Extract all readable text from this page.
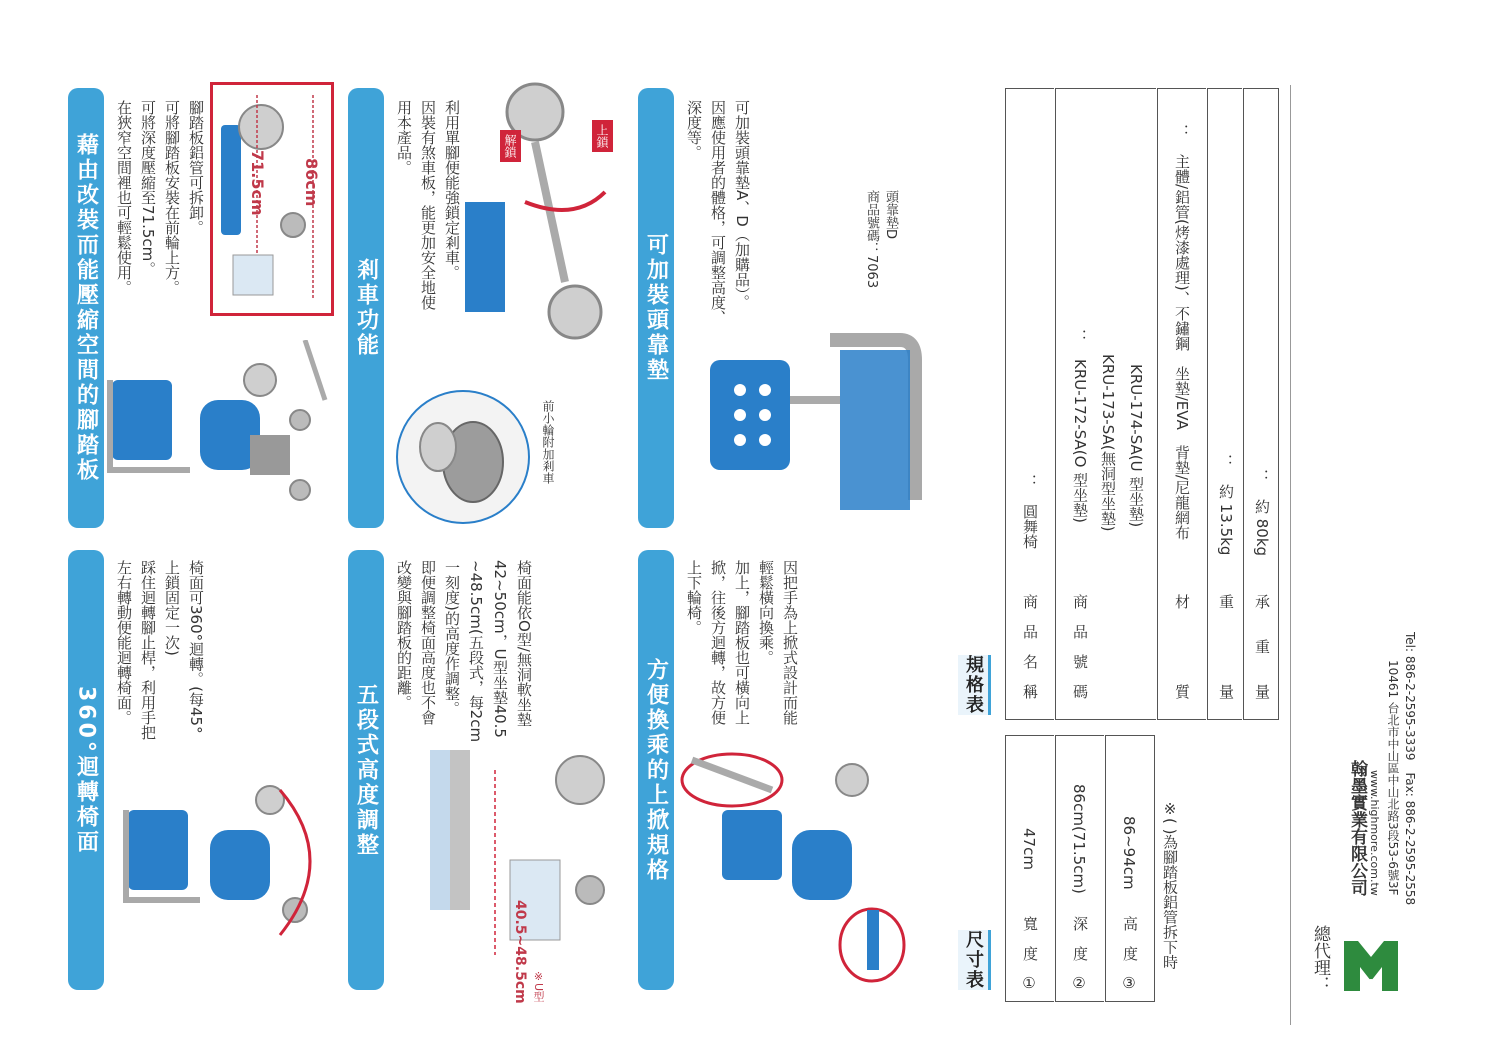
藉由改裝而能壓縮空間的腳踏板	剎車功能	可加裝頭靠墊
360°迴轉椅面	五段式高度調整	方便換乘的上掀規格
腳踏板鋁管可拆卸。
可將腳踏板安裝在前輪上方。
可將深度壓縮至71.5cm。
在狹窄空間裡也可輕鬆使用。	71.5cm 86cm	利用單腳便能強鎖定剎車。
因裝有煞車板，能更加安全地使
用本產品。	解鎖	上鎖
前小輪附加剎車
可加裝頭靠墊A、D（加購品）。
因應使用者的體格，可調整高度、
深度等。
頭靠墊D
商品號碼：7063
椅面可360°迴轉。(每45°
上鎖固定一次)
踩住迴轉腳止桿，利用手把
左右轉動便能迴轉椅面。	椅面能依O型/無洞軟坐墊
42~50cm，U型坐墊40.5
~48.5cm(五段式，每2cm
一刻度)的高度作調整。
即便調整椅面高度也不會
改變與腳踏板的距離。
40.5~48.5cm ※U型
因把手為上掀式設計而能
輕鬆橫向換乘。
加上，腳踏板也可橫向上
掀，往後方迴轉，故方便
上下輪椅。
尺寸表 ①
寬　度
47cm
②
深　度
86cm(71.5cm)
③
高　度
86~94cm ※( )為腳踏板鋁管拆下時
規格表 商　品　名　稱
：　圓舞椅
商　品　號　碼
：　KRU-172-SA(O 型坐墊) KRU-173-SA(無洞型坐墊) KRU-174-SA(U 型坐墊)
材　　　　　質
：　主體/鋁管(烤漆處理)、不鏽鋼　坐墊/EVA　背墊/尼龍網布
重　　　　　量
：　約 13.5kg
承　　重　　量
：　約 80kg
總代理：
翰墨實業有限公司 www.highmore.com.tw 10461 台北市中山區中山北路3段53-6號3F Tel: 886-2-2595-3339　Fax: 886-2-2595-2558
